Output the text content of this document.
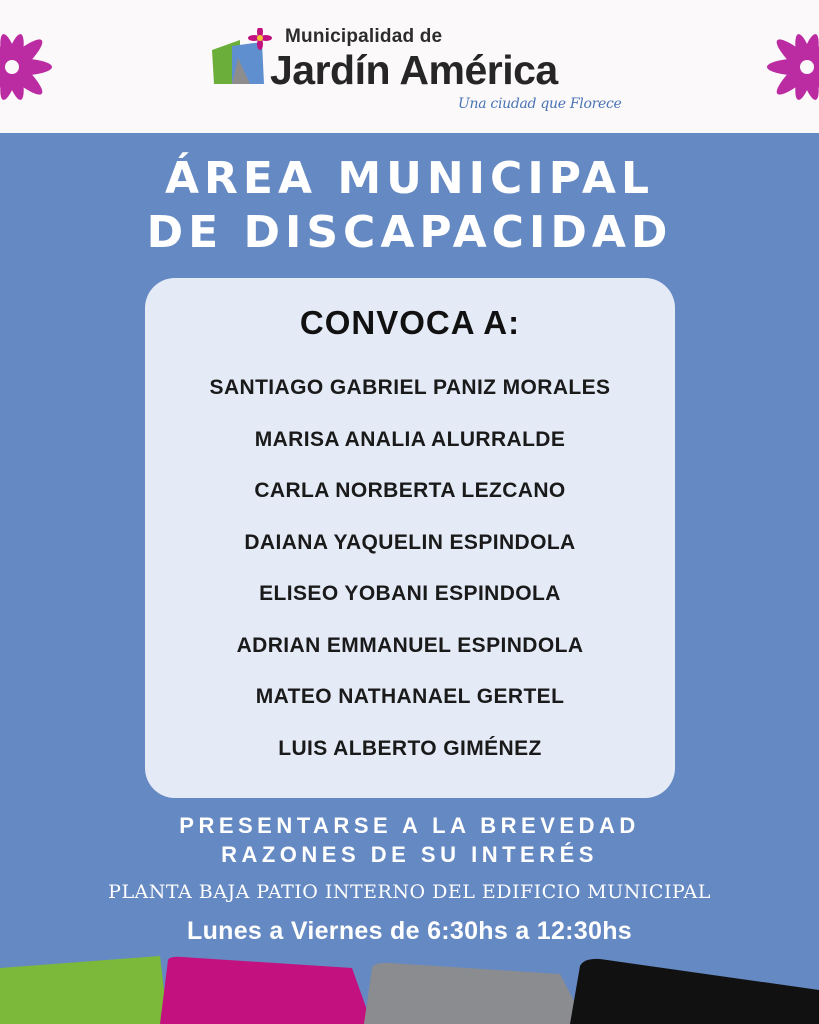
Municipalidad de
Jardín América
Una ciudad que Florece
ÁREA MUNICIPAL
DE DISCAPACIDAD
CONVOCA A:
SANTIAGO GABRIEL PANIZ MORALES
MARISA ANALIA ALURRALDE
CARLA NORBERTA LEZCANO
DAIANA YAQUELIN ESPINDOLA
ELISEO YOBANI ESPINDOLA
ADRIAN EMMANUEL ESPINDOLA
MATEO NATHANAEL GERTEL
LUIS ALBERTO GIMÉNEZ
PRESENTARSE A LA BREVEDAD
RAZONES DE SU INTERÉS
PLANTA BAJA PATIO INTERNO DEL EDIFICIO MUNICIPAL
Lunes a Viernes de 6:30hs a 12:30hs
